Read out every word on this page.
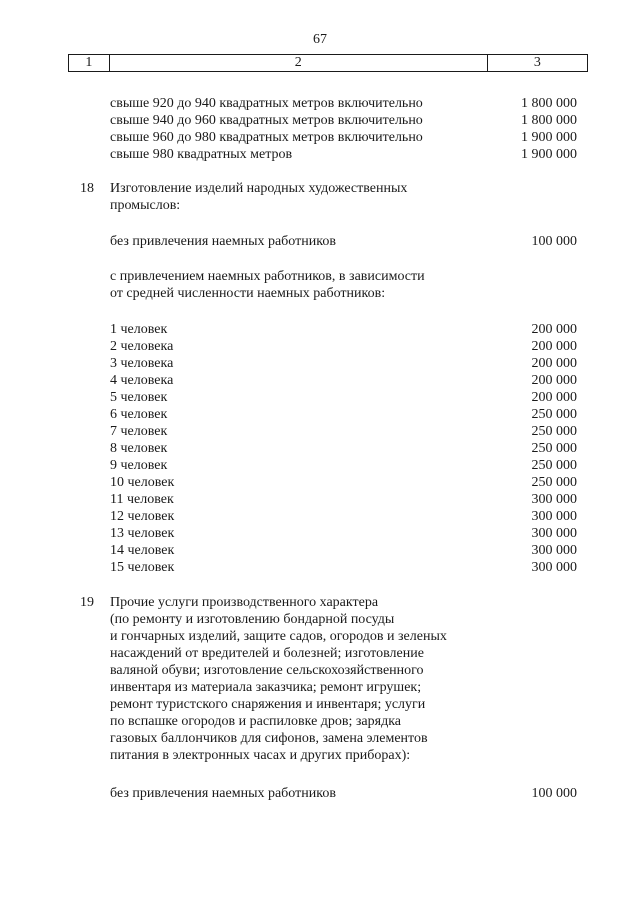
67
1	2	3
свыше 920 до 940 квадратных метров включительно	1 800 000
свыше 940 до 960 квадратных метров включительно	1 800 000
свыше 960 до 980 квадратных метров включительно	1 900 000
свыше 980 квадратных метров	1 900 000
18 Изготовление изделий народных художественных
промыслов:
без привлечения наемных работников	100 000
с привлечением наемных работников, в зависимости
от средней численности наемных работников:
1 человек	200 000
2 человека	200 000
3 человека	200 000
4 человека	200 000
5 человек	200 000
6 человек	250 000
7 человек	250 000
8 человек	250 000
9 человек	250 000
10 человек	250 000
11 человек	300 000
12 человек	300 000
13 человек	300 000
14 человек	300 000
15 человек	300 000
19 Прочие услуги производственного характера
(по ремонту и изготовлению бондарной посуды
и гончарных изделий, защите садов, огородов и зеленых
насаждений от вредителей и болезней; изготовление
валяной обуви; изготовление сельскохозяйственного
инвентаря из материала заказчика; ремонт игрушек;
ремонт туристского снаряжения и инвентаря; услуги
по вспашке огородов и распиловке дров; зарядка
газовых баллончиков для сифонов, замена элементов
питания в электронных часах и других приборах):
без привлечения наемных работников	100 000
